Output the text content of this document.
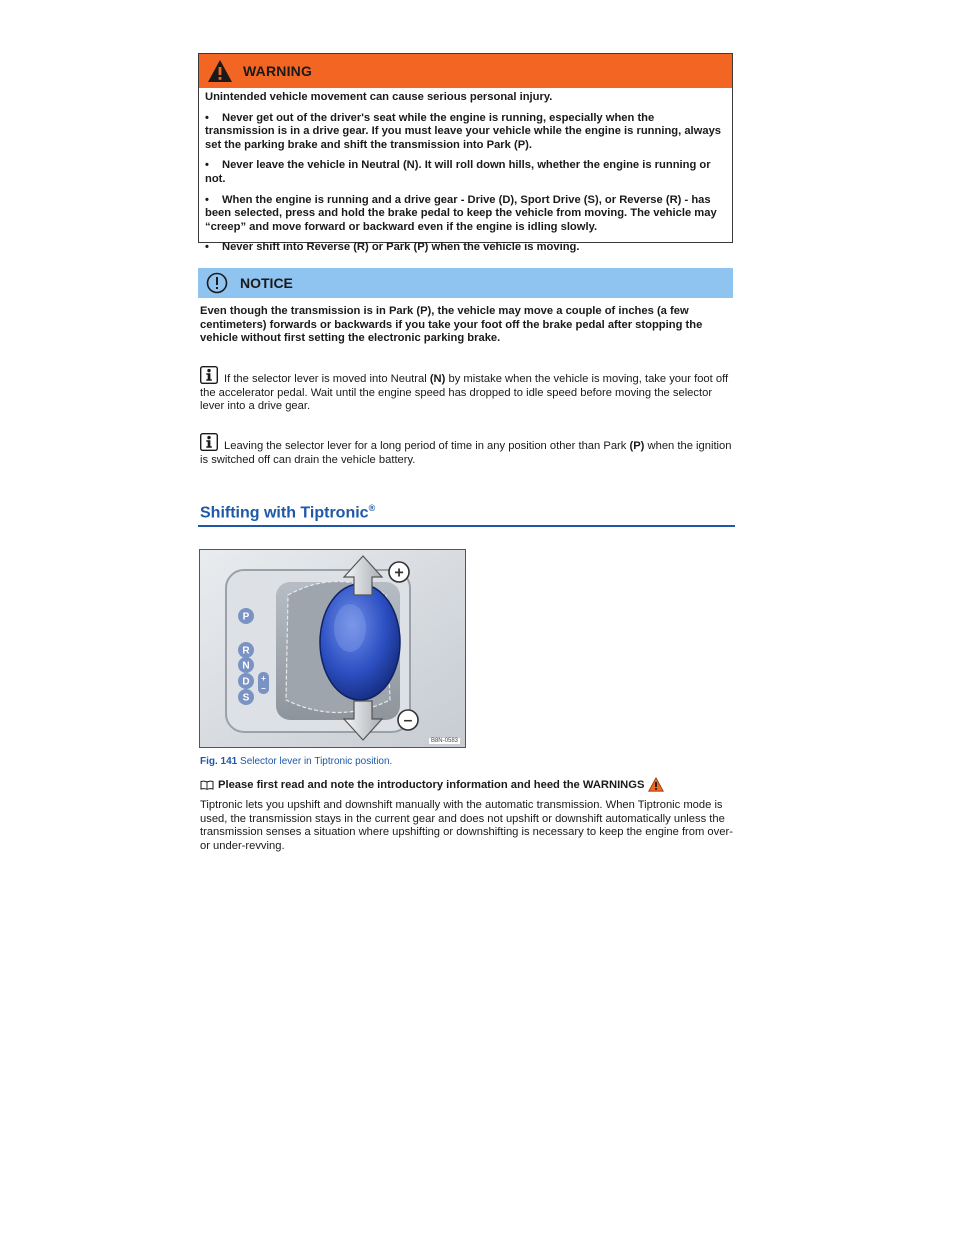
WARNING

Unintended vehicle movement can cause serious personal injury.

• Never get out of the driver's seat while the engine is running, especially when the transmission is in a drive gear. If you must leave your vehicle while the engine is running, always set the parking brake and shift the transmission into Park (P).

• Never leave the vehicle in Neutral (N). It will roll down hills, whether the engine is running or not.

• When the engine is running and a drive gear - Drive (D), Sport Drive (S), or Reverse (R) - has been selected, press and hold the brake pedal to keep the vehicle from moving. The vehicle may “creep” and move forward or backward even if the engine is idling slowly.

• Never shift into Reverse (R) or Park (P) when the vehicle is moving.

NOTICE
Even though the transmission is in Park (P), the vehicle may move a couple of inches (a few centimeters) forwards or backwards if you take your foot off the brake pedal after stopping the vehicle without first setting the electronic parking brake.
If the selector lever is moved into Neutral (N) by mistake when the vehicle is moving, take your foot off the accelerator pedal. Wait until the engine speed has dropped to idle speed before moving the selector lever into a drive gear.
Leaving the selector lever for a long period of time in any position other than Park (P) when the ignition is switched off can drain the vehicle battery.
Shifting with Tiptronic®
+
–
P
R
N
D
S
+
–
B8N-0583
Fig. 141 Selector lever in Tiptronic position.
Please first read and note the introductory information and heed the WARNINGS
Tiptronic lets you upshift and downshift manually with the automatic transmission. When Tiptronic mode is used, the transmission stays in the current gear and does not upshift or downshift automatically unless the transmission senses a situation where upshifting or downshifting is necessary to keep the engine from over- or under-revving.
